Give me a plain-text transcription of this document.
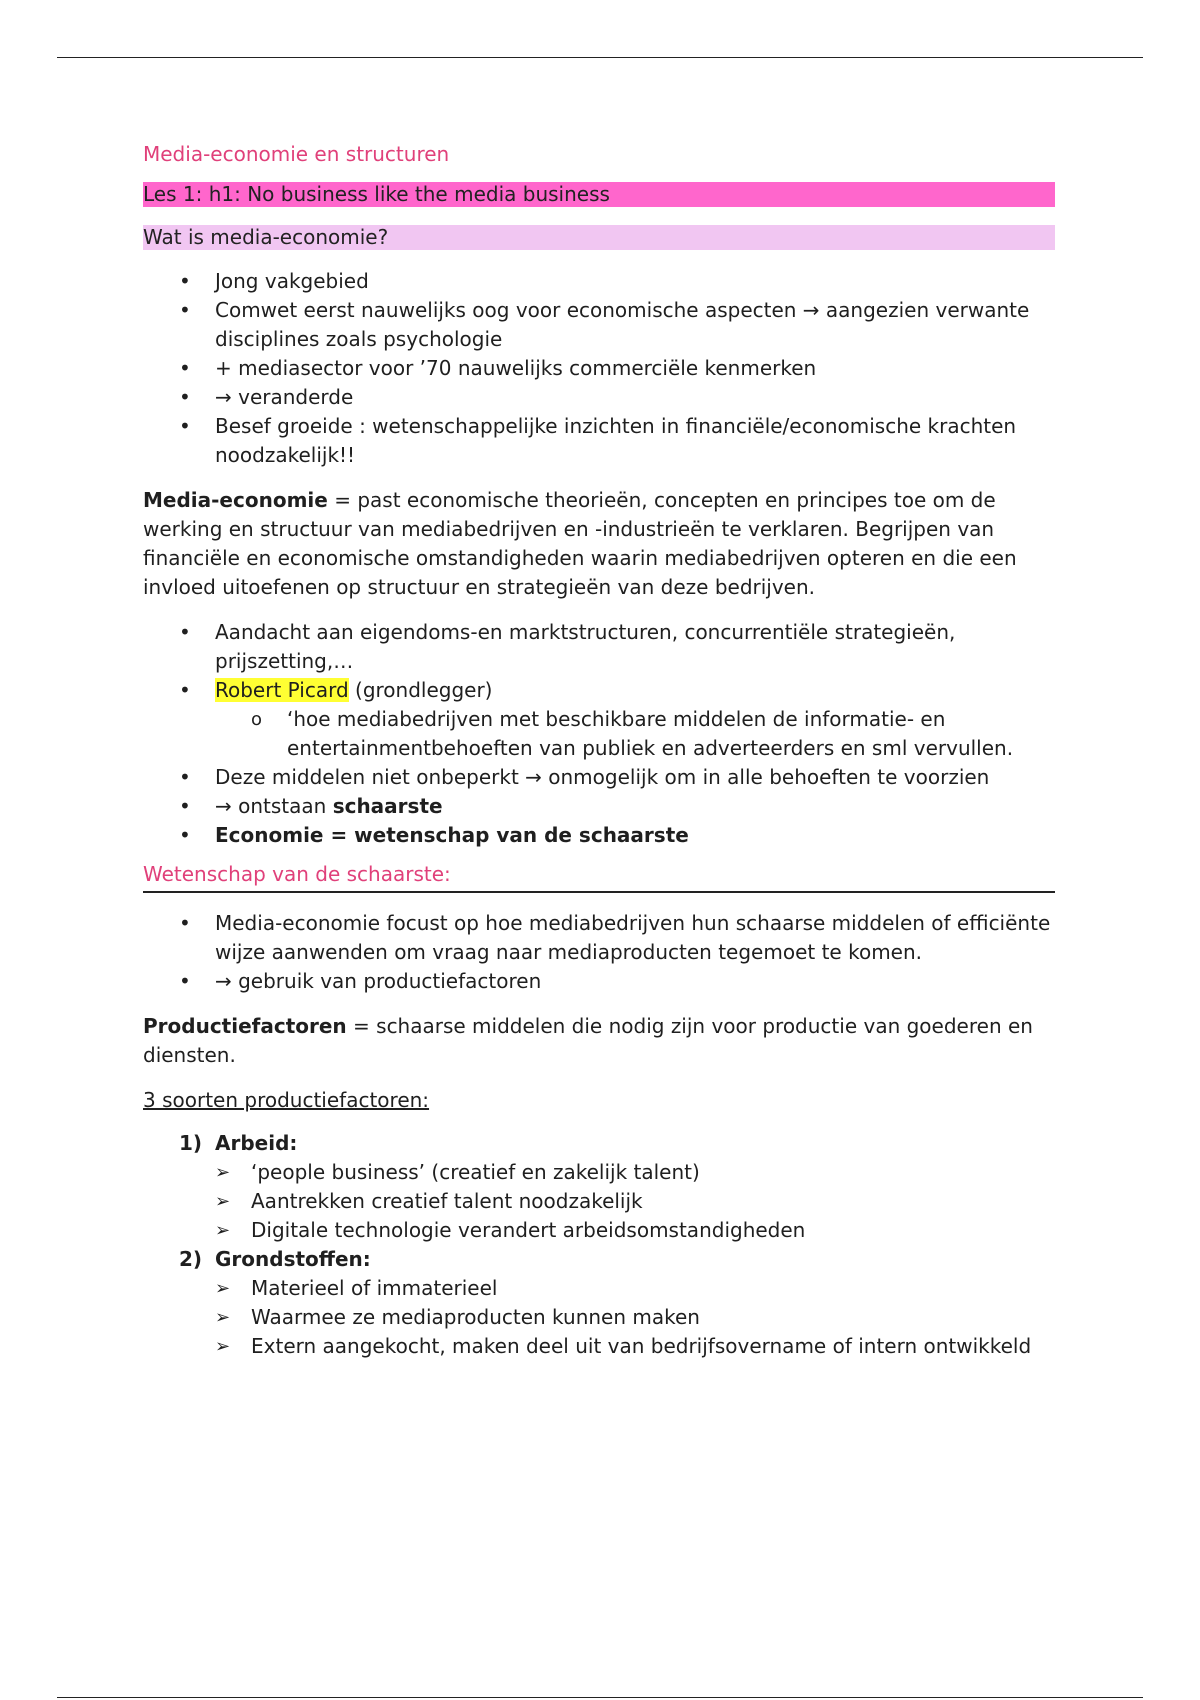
Media-economie en structuren
Les 1: h1: No business like the media business
Wat is media-economie?
• Jong vakgebied
• Comwet eerst nauwelijks oog voor economische aspecten → aangezien verwante disciplines zoals psychologie
• + mediasector voor ’70 nauwelijks commerciële kenmerken
• → veranderde
• Besef groeide : wetenschappelijke inzichten in financiële/economische krachten noodzakelijk!!

Media-economie = past economische theorieën, concepten en principes toe om de werking en structuur van mediabedrijven en -industrieën te verklaren. Begrijpen van financiële en economische omstandigheden waarin mediabedrijven opteren en die een invloed uitoefenen op structuur en strategieën van deze bedrijven.

• Aandacht aan eigendoms-en marktstructuren, concurrentiële strategieën, prijszetting,…
• Robert Picard (grondlegger)
o ‘hoe mediabedrijven met beschikbare middelen de informatie- en entertainmentbehoeften van publiek en adverteerders en sml vervullen.
• Deze middelen niet onbeperkt → onmogelijk om in alle behoeften te voorzien
• → ontstaan schaarste
• Economie = wetenschap van de schaarste
Wetenschap van de schaarste:
• Media-economie focust op hoe mediabedrijven hun schaarse middelen of efficiënte wijze aanwenden om vraag naar mediaproducten tegemoet te komen.
• → gebruik van productiefactoren

Productiefactoren = schaarse middelen die nodig zijn voor productie van goederen en diensten.

3 soorten productiefactoren:
1) Arbeid:
➢ ‘people business’ (creatief en zakelijk talent)
➢ Aantrekken creatief talent noodzakelijk
➢ Digitale technologie verandert arbeidsomstandigheden
2) Grondstoffen:
➢ Materieel of immaterieel
➢ Waarmee ze mediaproducten kunnen maken
➢ Extern aangekocht, maken deel uit van bedrijfsovername of intern ontwikkeld
